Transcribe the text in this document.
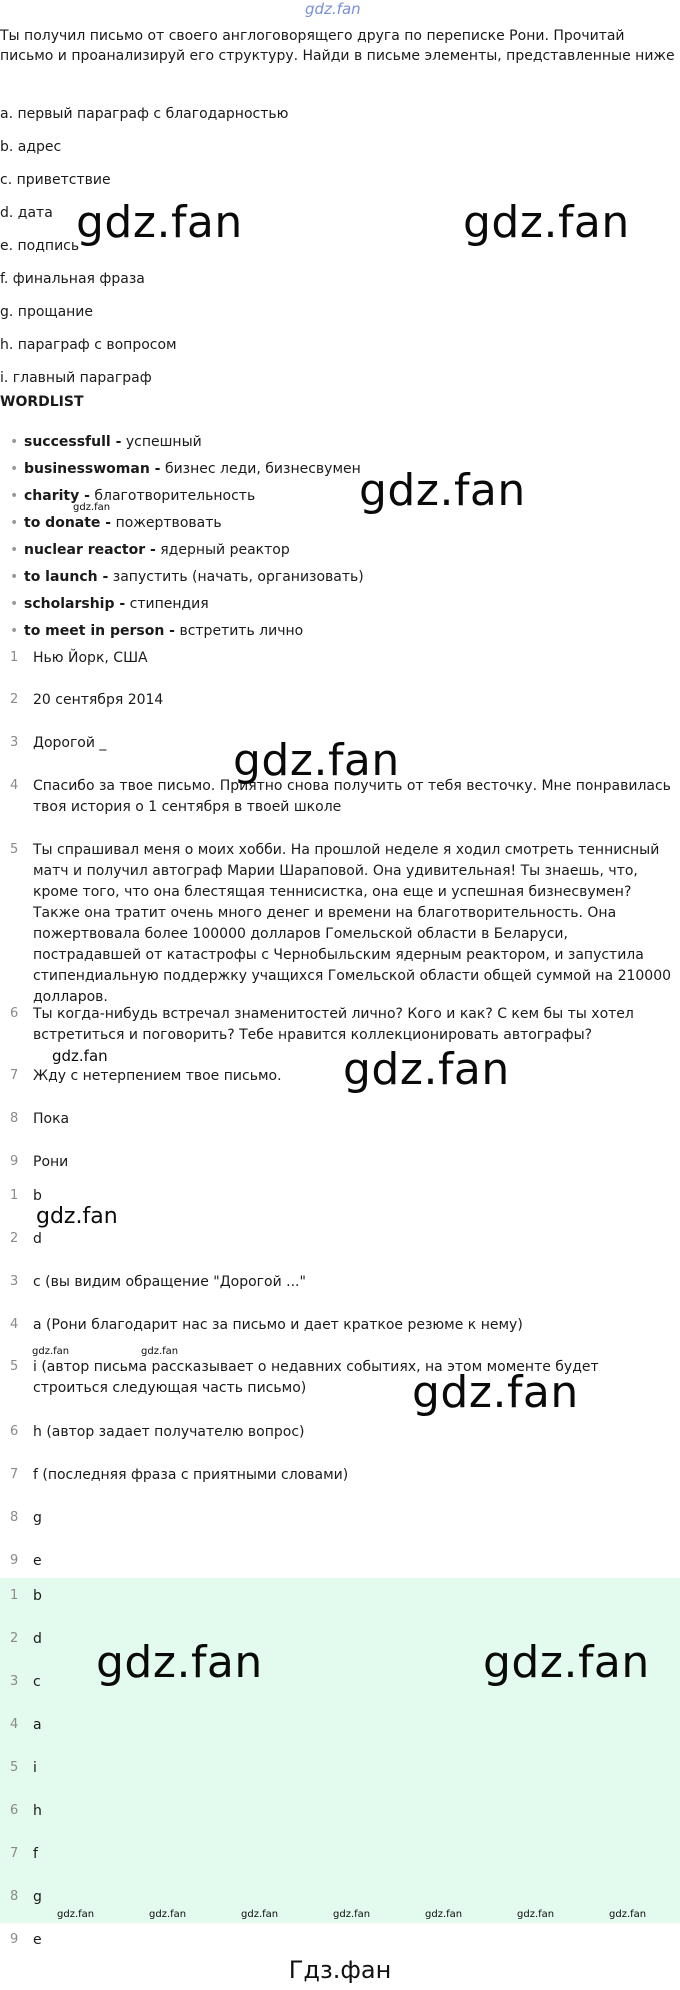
gdz.fan
Ты получил письмо от своего англоговорящего друга по переписке Рони. Прочитай письмо и проанализируй его структуру. Найди в письме элементы, представленные ниже
a. первый параграф с благодарностью
b. адрес
c. приветствие
d. дата
e. подпись
f. финальная фраза
g. прощание
h. параграф с вопросом
i. главный параграф
WORDLIST
• successfull - успешный
• businesswoman - бизнес леди, бизнесвумен
• charity - благотворительность
• to donate - пожертвовать
• nuclear reactor - ядерный реактор
• to launch - запустить (начать, организовать)
• scholarship - стипендия
• to meet in person - встретить лично
1	Нью Йорк, США
2	20 сентября 2014
3	Дорогой _
4	Спасибо за твое письмо. Приятно снова получить от тебя весточку. Мне понравилась твоя история о 1 сентября в твоей школе
5	Ты спрашивал меня о моих хобби. На прошлой неделе я ходил смотреть теннисный матч и получил автограф Марии Шараповой. Она удивительная! Ты знаешь, что, кроме того, что она блестящая теннисистка, она еще и успешная бизнесвумен? Также она тратит очень много денег и времени на благотворительность. Она пожертвовала более 100000 долларов Гомельской области в Беларуси, пострадавшей от катастрофы с Чернобыльским ядерным реактором, и запустила стипендиальную поддержку учащихся Гомельской области общей суммой на 210000 долларов.
6	Ты когда-нибудь встречал знаменитостей лично? Кого и как? С кем бы ты хотел встретиться и поговорить? Тебе нравится коллекционировать автографы?
7	Жду с нетерпением твое письмо.
8	Пока
9	Рони
1	b
2	d
3	c (вы видим обращение "Дорогой ..."
4	a (Рони благодарит нас за письмо и дает краткое резюме к нему)
5	i (автор письма рассказывает о недавних событиях, на этом моменте будет строиться следующая часть письмо)
6	h (автор задает получателю вопрос)
7	f (последняя фраза с приятными словами)
8	g
9	e
1	b
2	d
3	c
4	a
5	i
6	h
7	f
8	g
9	e
gdz.fan	gdz.fan
gdz.fan
gdz.fan
gdz.fan
gdz.fan
gdz.fan	gdz.fan
gdz.fan
gdz.fan
gdz.fan
gdz.fan	gdz.fan
gdz.fan	gdz.fan	gdz.fan	gdz.fan	gdz.fan	gdz.fan	gdz.fan
Гдз.фан
